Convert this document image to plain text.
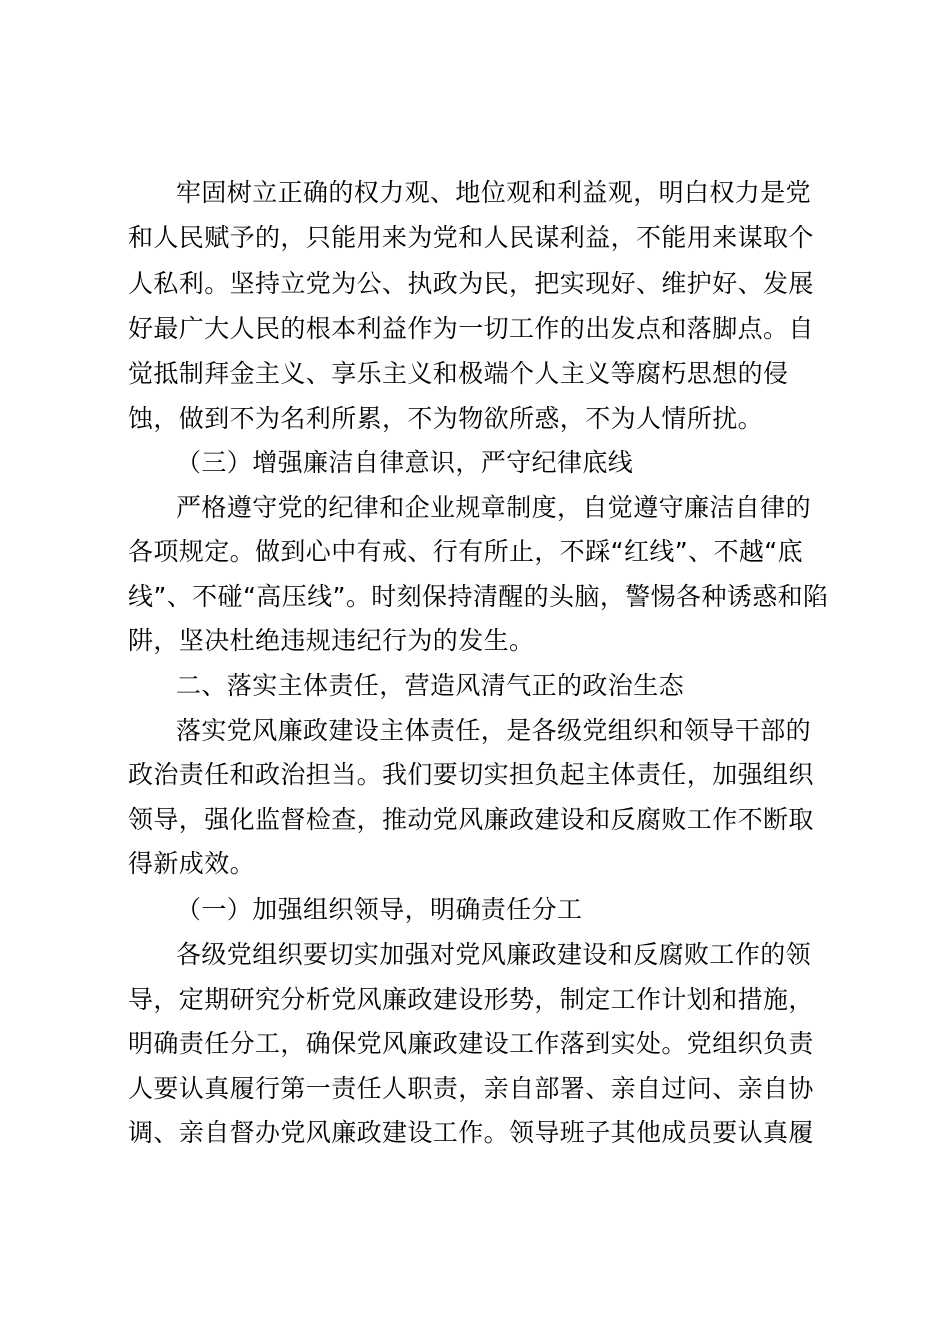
牢固树立正确的权力观、地位观和利益观，明白权力是党
和人民赋予的，只能用来为党和人民谋利益，不能用来谋取个
人私利。坚持立党为公、执政为民，把实现好、维护好、发展
好最广大人民的根本利益作为一切工作的出发点和落脚点。自
觉抵制拜金主义、享乐主义和极端个人主义等腐朽思想的侵
蚀，做到不为名利所累，不为物欲所惑，不为人情所扰。
（三）增强廉洁自律意识，严守纪律底线
严格遵守党的纪律和企业规章制度，自觉遵守廉洁自律的
各项规定。做到心中有戒、行有所止，不踩“红线”、不越“底
线”、不碰“高压线”。时刻保持清醒的头脑，警惕各种诱惑和陷
阱，坚决杜绝违规违纪行为的发生。
二、落实主体责任，营造风清气正的政治生态
落实党风廉政建设主体责任，是各级党组织和领导干部的
政治责任和政治担当。我们要切实担负起主体责任，加强组织
领导，强化监督检查，推动党风廉政建设和反腐败工作不断取
得新成效。
（一）加强组织领导，明确责任分工
各级党组织要切实加强对党风廉政建设和反腐败工作的领
导，定期研究分析党风廉政建设形势，制定工作计划和措施，
明确责任分工，确保党风廉政建设工作落到实处。党组织负责
人要认真履行第一责任人职责，亲自部署、亲自过问、亲自协
调、亲自督办党风廉政建设工作。领导班子其他成员要认真履
